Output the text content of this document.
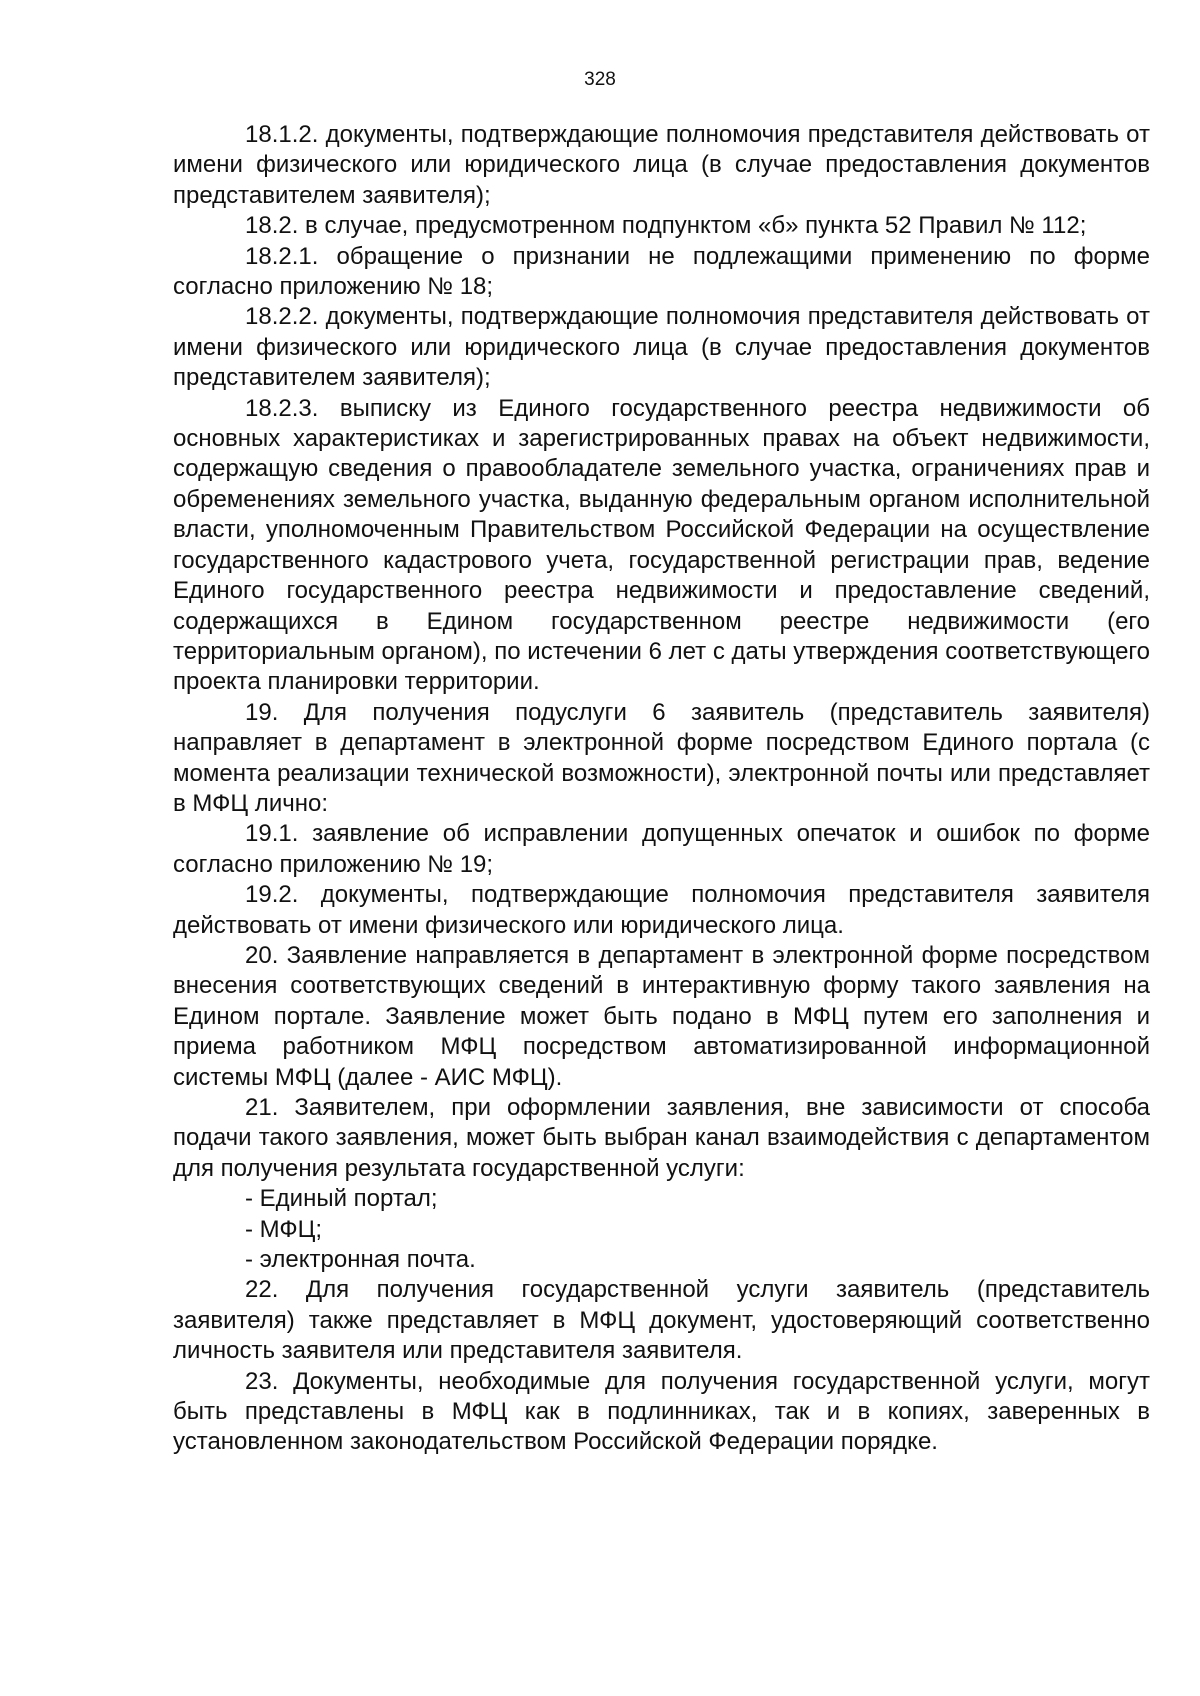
328

18.1.2. документы, подтверждающие полномочия представителя действовать от имени физического или юридического лица (в случае предоставления документов представителем заявителя);

18.2. в случае, предусмотренном подпунктом «б» пункта 52 Правил № 112;

18.2.1. обращение о признании не подлежащими применению по форме согласно приложению № 18;

18.2.2. документы, подтверждающие полномочия представителя действовать от имени физического или юридического лица (в случае предоставления документов представителем заявителя);

18.2.3. выписку из Единого государственного реестра недвижимости об основных характеристиках и зарегистрированных правах на объект недвижимости, содержащую сведения о правообладателе земельного участка, ограничениях прав и обременениях земельного участка, выданную федеральным органом исполнительной власти, уполномоченным Правительством Российской Федерации на осуществление государственного кадастрового учета, государственной регистрации прав, ведение Единого государственного реестра недвижимости и предоставление сведений, содержащихся в Едином государственном реестре недвижимости (его территориальным органом), по истечении 6 лет с даты утверждения соответствующего проекта планировки территории.

19. Для получения подуслуги 6 заявитель (представитель заявителя) направляет в департамент в электронной форме посредством Единого портала (с момента реализации технической возможности), электронной почты или представляет в МФЦ лично:

19.1. заявление об исправлении допущенных опечаток и ошибок по форме согласно приложению № 19;

19.2. документы, подтверждающие полномочия представителя заявителя действовать от имени физического или юридического лица.

20. Заявление направляется в департамент в электронной форме посредством внесения соответствующих сведений в интерактивную форму такого заявления на Едином портале. Заявление может быть подано в МФЦ путем его заполнения и приема работником МФЦ посредством автоматизированной информационной системы МФЦ (далее - АИС МФЦ).

21. Заявителем, при оформлении заявления, вне зависимости от способа подачи такого заявления, может быть выбран канал взаимодействия с департаментом для получения результата государственной услуги:

- Единый портал;

- МФЦ;

- электронная почта.

22. Для получения государственной услуги заявитель (представитель заявителя) также представляет в МФЦ документ, удостоверяющий соответственно личность заявителя или представителя заявителя.

23. Документы, необходимые для получения государственной услуги, могут быть представлены в МФЦ как в подлинниках, так и в копиях, заверенных в установленном законодательством Российской Федерации порядке.
